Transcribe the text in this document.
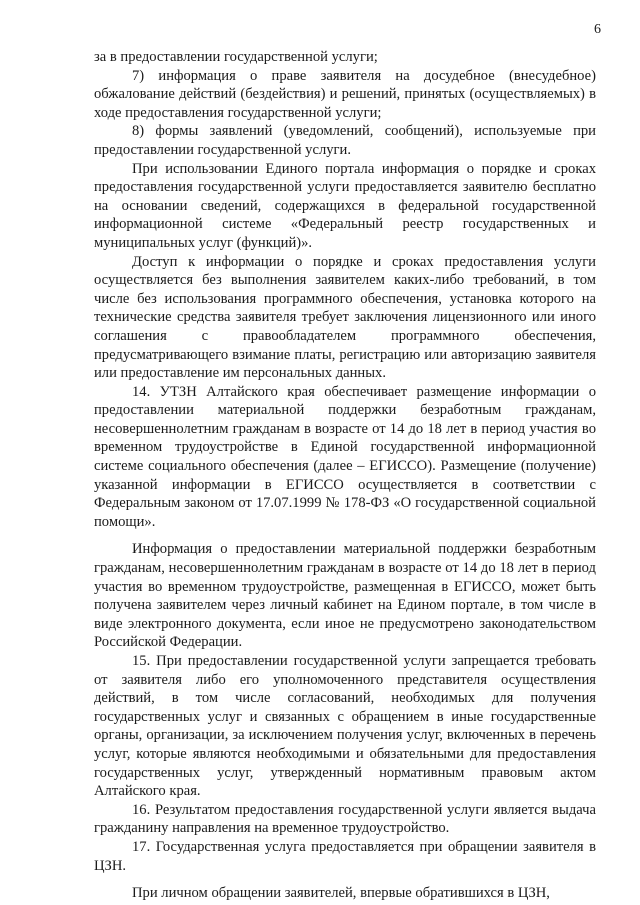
6

за в предоставлении государственной услуги;

7) информация о праве заявителя на досудебное (внесудебное) обжалование действий (бездействия) и решений, принятых (осуществляемых) в ходе предоставления государственной услуги;

8) формы заявлений (уведомлений, сообщений), используемые при предоставлении государственной услуги.

При использовании Единого портала информация о порядке и сроках предоставления государственной услуги предоставляется заявителю бесплатно на основании сведений, содержащихся в федеральной государственной информационной системе «Федеральный реестр государственных и муниципальных услуг (функций)».

Доступ к информации о порядке и сроках предоставления услуги осуществляется без выполнения заявителем каких-либо требований, в том числе без использования программного обеспечения, установка которого на технические средства заявителя требует заключения лицензионного или иного соглашения с правообладателем программного обеспечения, предусматривающего взимание платы, регистрацию или авторизацию заявителя или предоставление им персональных данных.

14. УТЗН Алтайского края обеспечивает размещение информации о предоставлении материальной поддержки безработным гражданам, несовершеннолетним гражданам в возрасте от 14 до 18 лет в период участия во временном трудоустройстве в Единой государственной информационной системе социального обеспечения (далее – ЕГИССО). Размещение (получение) указанной информации в ЕГИССО осуществляется в соответствии с Федеральным законом от 17.07.1999 № 178-ФЗ «О государственной социальной помощи».

Информация о предоставлении материальной поддержки безработным гражданам, несовершеннолетним гражданам в возрасте от 14 до 18 лет в период участия во временном трудоустройстве, размещенная в ЕГИССО, может быть получена заявителем через личный кабинет на Едином портале, в том числе в виде электронного документа, если иное не предусмотрено законодательством Российской Федерации.

15. При предоставлении государственной услуги запрещается требовать от заявителя либо его уполномоченного представителя осуществления действий, в том числе согласований, необходимых для получения государственных услуг и связанных с обращением в иные государственные органы, организации, за исключением получения услуг, включенных в перечень услуг, которые являются необходимыми и обязательными для предоставления государственных услуг, утвержденный нормативным правовым актом Алтайского края.

16. Результатом предоставления государственной услуги является выдача гражданину направления на временное трудоустройство.

17. Государственная услуга предоставляется при обращении заявителя в ЦЗН.

При личном обращении заявителей, впервые обратившихся в ЦЗН,
